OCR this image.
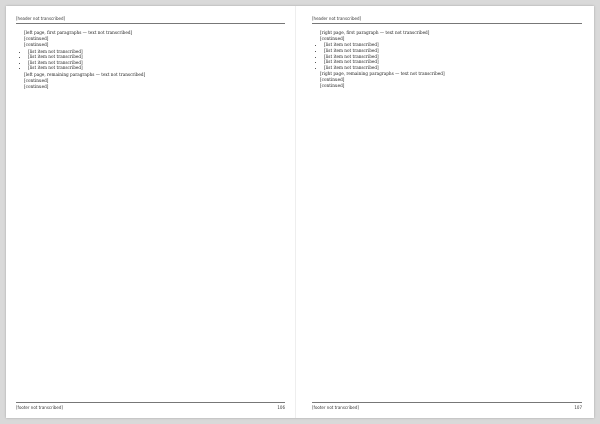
[header not transcribed]

[left page, first paragraphs — text not transcribed]

[continued]

[continued]

• [list item not transcribed]
• [list item not transcribed]
• [list item not transcribed]
• [list item not transcribed]

[left page, remaining paragraphs — text not transcribed]

[continued]

[continued]

[footer not transcribed]	106
[header not transcribed]

[right page, first paragraph — text not transcribed]

[continued]

• [list item not transcribed]
• [list item not transcribed]
• [list item not transcribed]
• [list item not transcribed]
• [list item not transcribed]

[right page, remaining paragraphs — text not transcribed]

[continued]

[continued]

[footer not transcribed]	107
